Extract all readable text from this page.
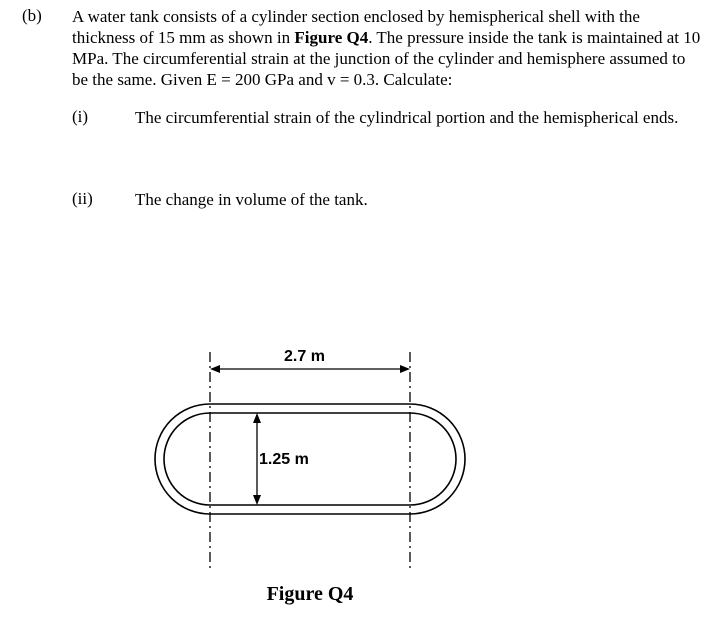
(b) A water tank consists of a cylinder section enclosed by hemispherical shell with the thickness of 15 mm as shown in Figure Q4. The pressure inside the tank is maintained at 10 MPa. The circumferential strain at the junction of the cylinder and hemisphere assumed to be the same. Given E = 200 GPa and v = 0.3. Calculate:
(i)	The circumferential strain of the cylindrical portion and the hemispherical ends.
(ii) The change in volume of the tank.
2.7 m
1.25 m
Figure Q4
